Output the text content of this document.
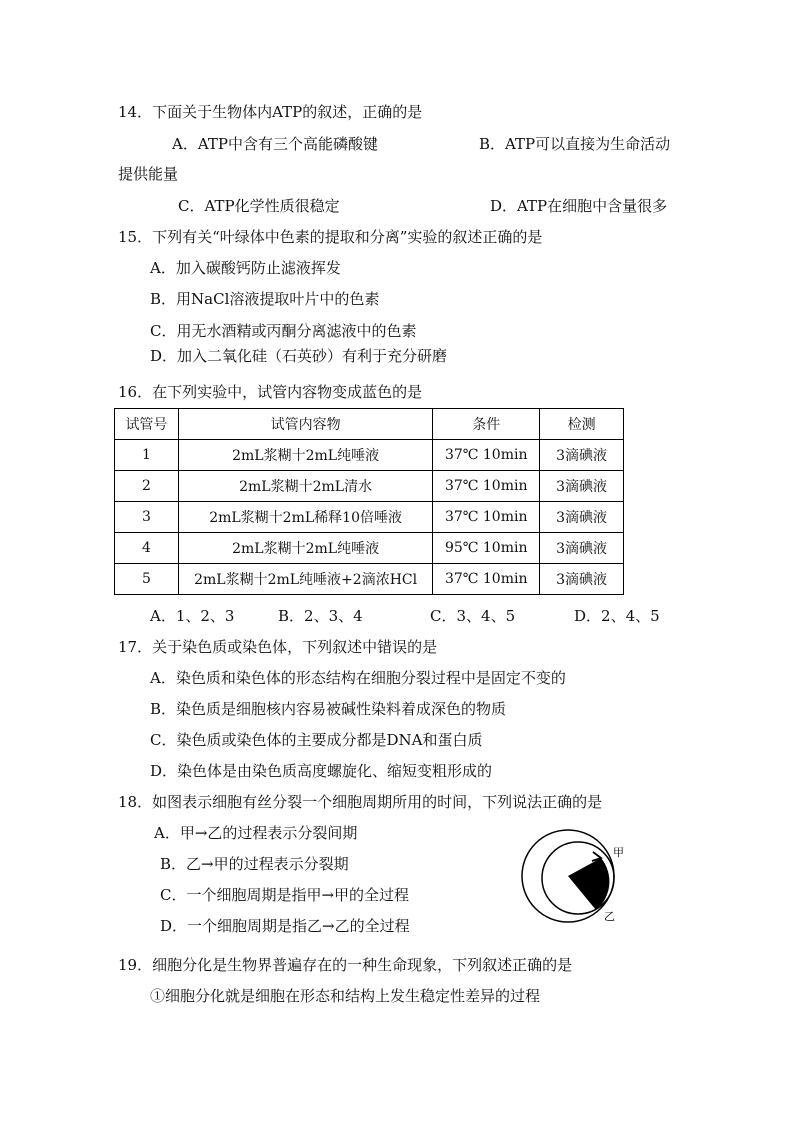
14．下面关于生物体内ATP的叙述，正确的是
A．ATP中含有三个高能磷酸键	B．ATP可以直接为生命活动
提供能量
C．ATP化学性质很稳定	D．ATP在细胞中含量很多
15．下列有关“叶绿体中色素的提取和分离”实验的叙述正确的是
A．加入碳酸钙防止滤液挥发
B．用NaCl溶液提取叶片中的色素
C．用无水酒精或丙酮分离滤液中的色素
D．加入二氧化硅（石英砂）有利于充分研磨
16．在下列实验中，试管内容物变成蓝色的是
试管号	试管内容物	条件	检测
1	2mL浆糊十2mL纯唾液	37℃ 10min	3滴碘液
2	2mL浆糊十2mL清水	37℃ 10min	3滴碘液
3	2mL浆糊十2mL稀释10倍唾液	37℃ 10min	3滴碘液
4	2mL浆糊十2mL纯唾液	95℃ 10min	3滴碘液
5	2mL浆糊十2mL纯唾液+2滴浓HCl	37℃ 10min	3滴碘液
A．1、2、3	B．2、3、4	C．3、4、5	D．2、4、5
17．关于染色质或染色体，下列叙述中错误的是
A．染色质和染色体的形态结构在细胞分裂过程中是固定不变的
B．染色质是细胞核内容易被碱性染料着成深色的物质
C．染色质或染色体的主要成分都是DNA和蛋白质
D．染色体是由染色质高度螺旋化、缩短变粗形成的
18．如图表示细胞有丝分裂一个细胞周期所用的时间，下列说法正确的是
A．甲→乙的过程表示分裂间期
B．乙→甲的过程表示分裂期
C．一个细胞周期是指甲→甲的全过程
D．一个细胞周期是指乙→乙的全过程
甲
乙
19．细胞分化是生物界普遍存在的一种生命现象，下列叙述正确的是
①细胞分化就是细胞在形态和结构上发生稳定性差异的过程
